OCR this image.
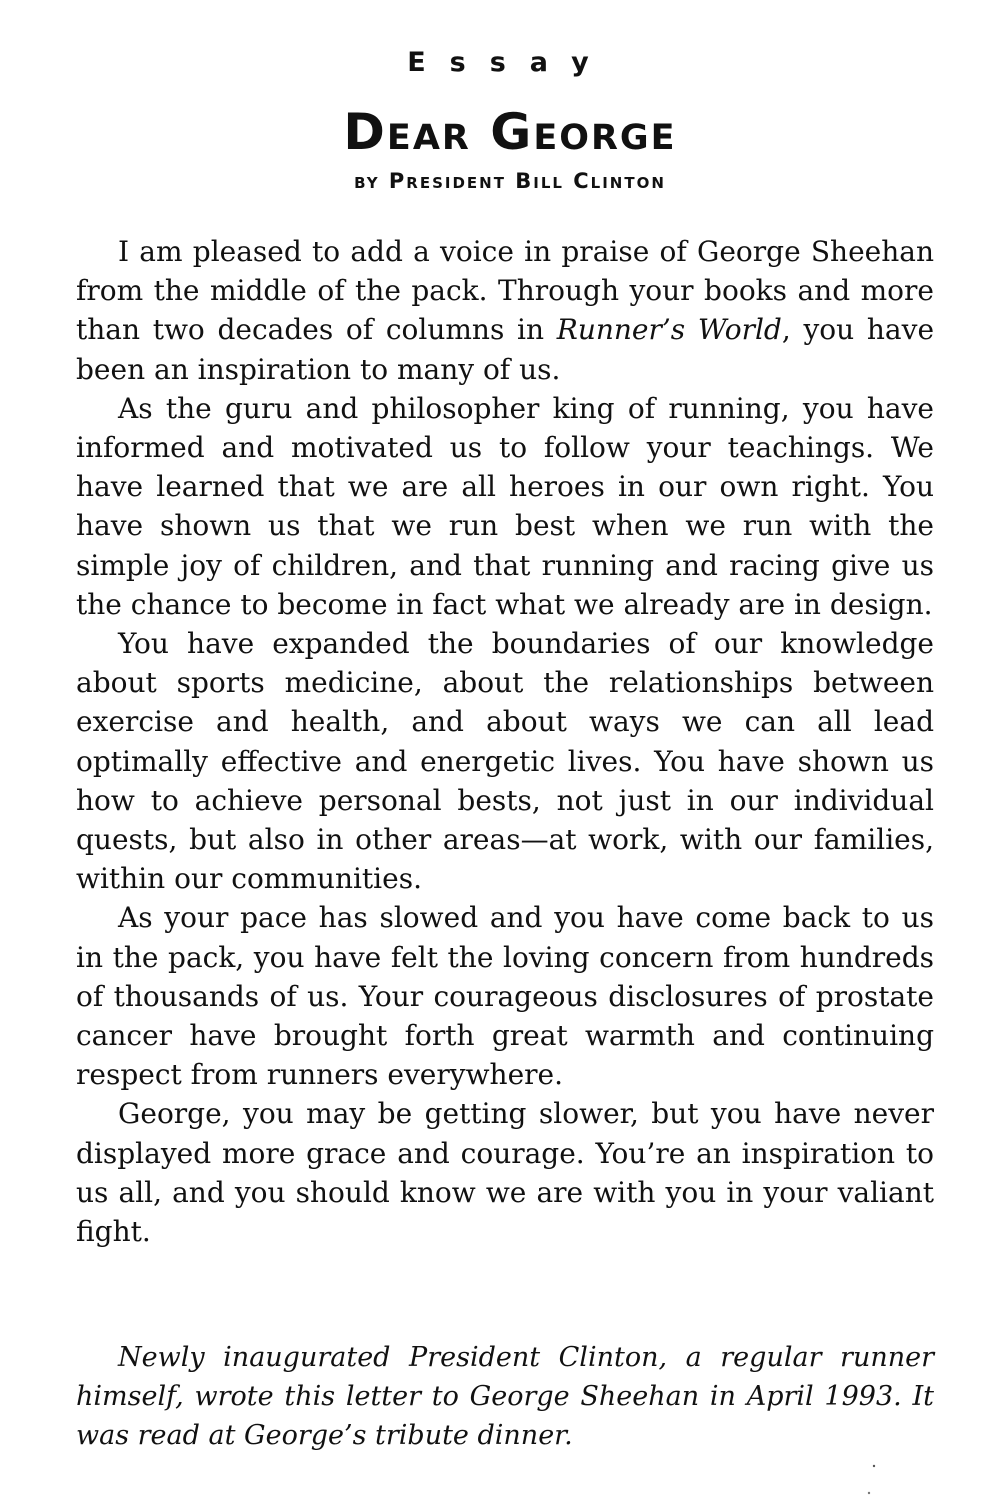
Essay
Dear George
by President Bill Clinton

I am pleased to add a voice in praise of George Sheehan from the middle of the pack. Through your books and more than two decades of columns in Runner’s World, you have been an inspiration to many of us.

As the guru and philosopher king of running, you have informed and motivated us to follow your teachings. We have learned that we are all heroes in our own right. You have shown us that we run best when we run with the simple joy of children, and that running and racing give us the chance to become in fact what we already are in design.

You have expanded the boundaries of our knowledge about sports medicine, about the relationships between exercise and health, and about ways we can all lead optimally effective and energetic lives. You have shown us how to achieve personal bests, not just in our individual quests, but also in other areas—at work, with our families, within our communities.

As your pace has slowed and you have come back to us in the pack, you have felt the loving concern from hundreds of thousands of us. Your courageous disclosures of prostate cancer have brought forth great warmth and continuing respect from runners everywhere.

George, you may be getting slower, but you have never displayed more grace and courage. You’re an inspiration to us all, and you should know we are with you in your valiant fight.

Newly inaugurated President Clinton, a regular runner himself, wrote this letter to George Sheehan in April 1993. It was read at George’s tribute dinner.
